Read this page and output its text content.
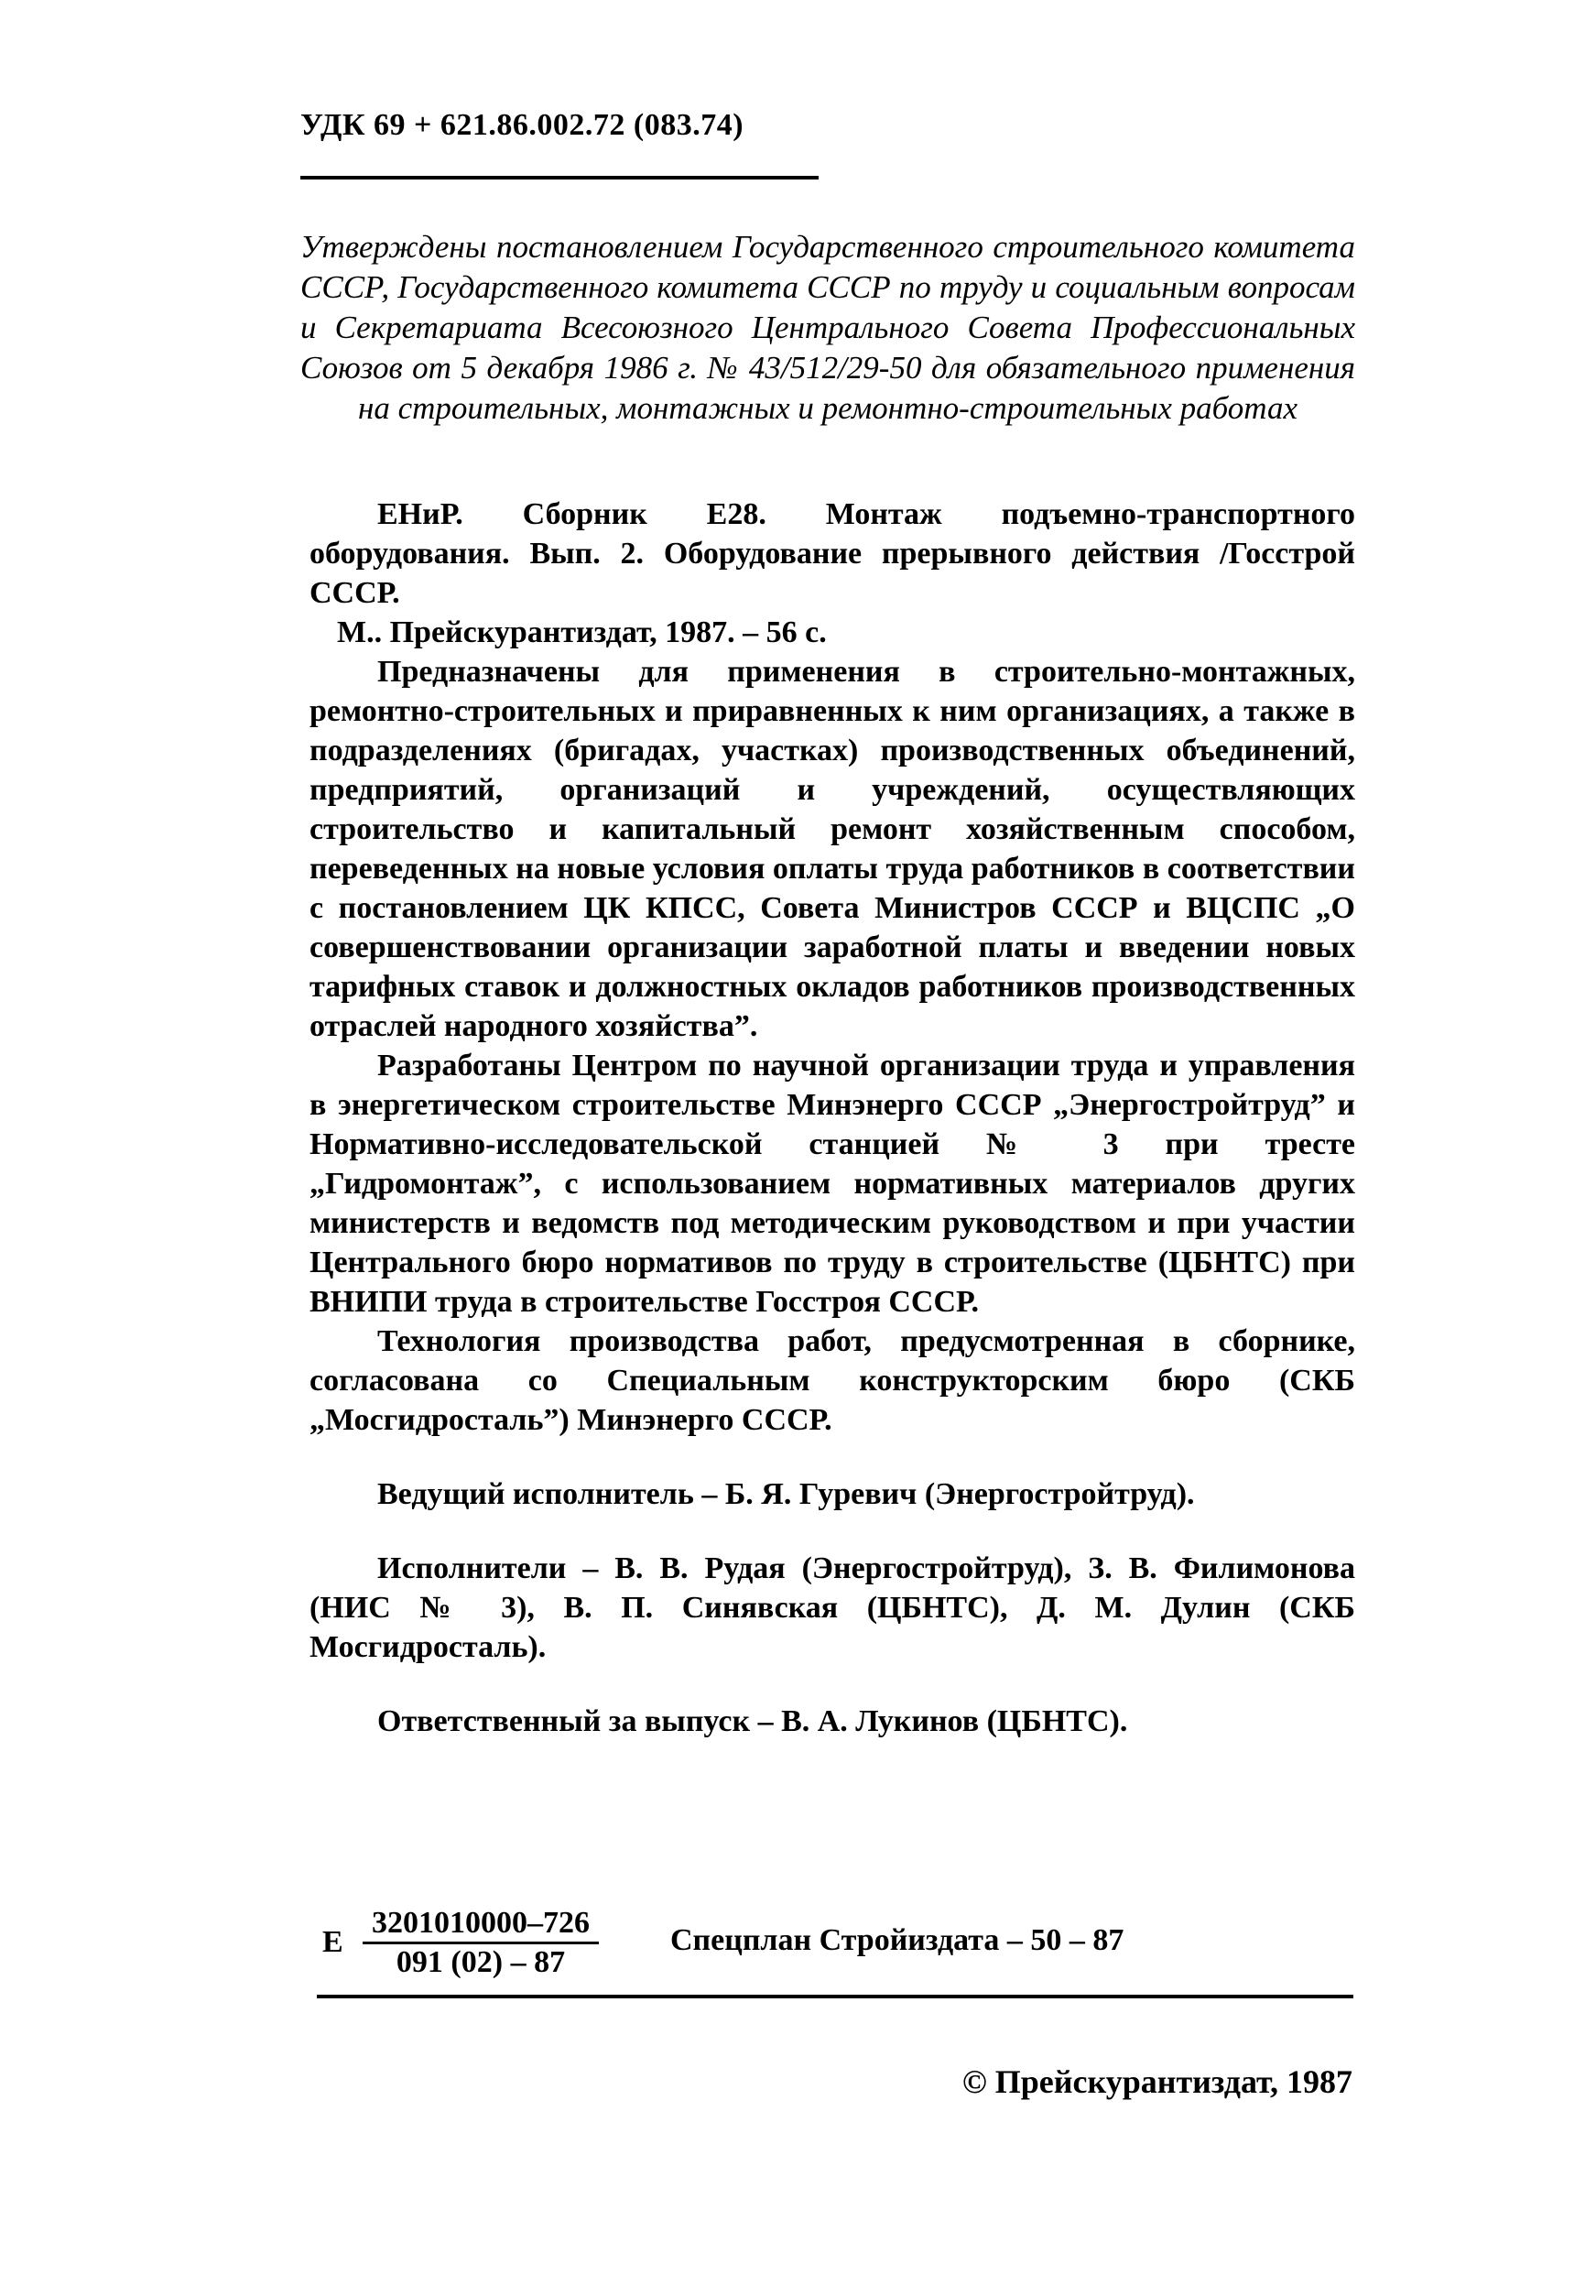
УДК 69 + 621.86.002.72 (083.74)
Утверждены постановлением Государственного строительного комитета СССР, Государственного комитета СССР по труду и социальным вопросам и Секретариата Всесоюзного Центрального Совета Профессиональных Союзов от 5 декабря 1986 г. № 43/512/29-50 для обязательного применения на строительных, монтажных и ремонтно-строительных работах

ЕНиР. Сборник Е28. Монтаж подъемно-транспортного оборудования. Вып. 2. Оборудование прерывного действия /Госстрой СССР.

М.. Прейскурантиздат, 1987. – 56 с.

Предназначены для применения в строительно-монтажных, ремонтно-строительных и приравненных к ним организациях, а также в подразделениях (бригадах, участках) производственных объединений, предприятий, организаций и учреждений, осуществляющих строительство и капитальный ремонт хозяйственным способом, переведенных на новые условия оплаты труда работников в соответствии с постановлением ЦК КПСС, Совета Министров СССР и ВЦСПС „О совершенствовании организации заработной платы и введении новых тарифных ставок и должностных окладов работников производственных отраслей народного хозяйства”.

Разработаны Центром по научной организации труда и управления в энергетическом строительстве Минэнерго СССР „Энергостройтруд” и Нормативно-исследовательской станцией № 3 при тресте „Гидромонтаж”, с использованием нормативных материалов других министерств и ведомств под методическим руководством и при участии Центрального бюро нормативов по труду в строительстве (ЦБНТС) при ВНИПИ труда в строительстве Госстроя СССР.

Технология производства работ, предусмотренная в сборнике, согласована со Специальным конструкторским бюро (СКБ „Мосгидросталь”) Минэнерго СССР.

Ведущий исполнитель – Б. Я. Гуревич (Энергостройтруд).

Исполнители – В. В. Рудая (Энергостройтруд), З. В. Филимонова (НИС № 3), В. П. Синявская (ЦБНТС), Д. М. Дулин (СКБ Мосгидросталь).

Ответственный за выпуск – В. А. Лукинов (ЦБНТС).

Е $\frac{3201010000-726}{091 (02) - 87}$ Спецплан Стройиздата – 50 – 87
© Прейскурантиздат, 1987
